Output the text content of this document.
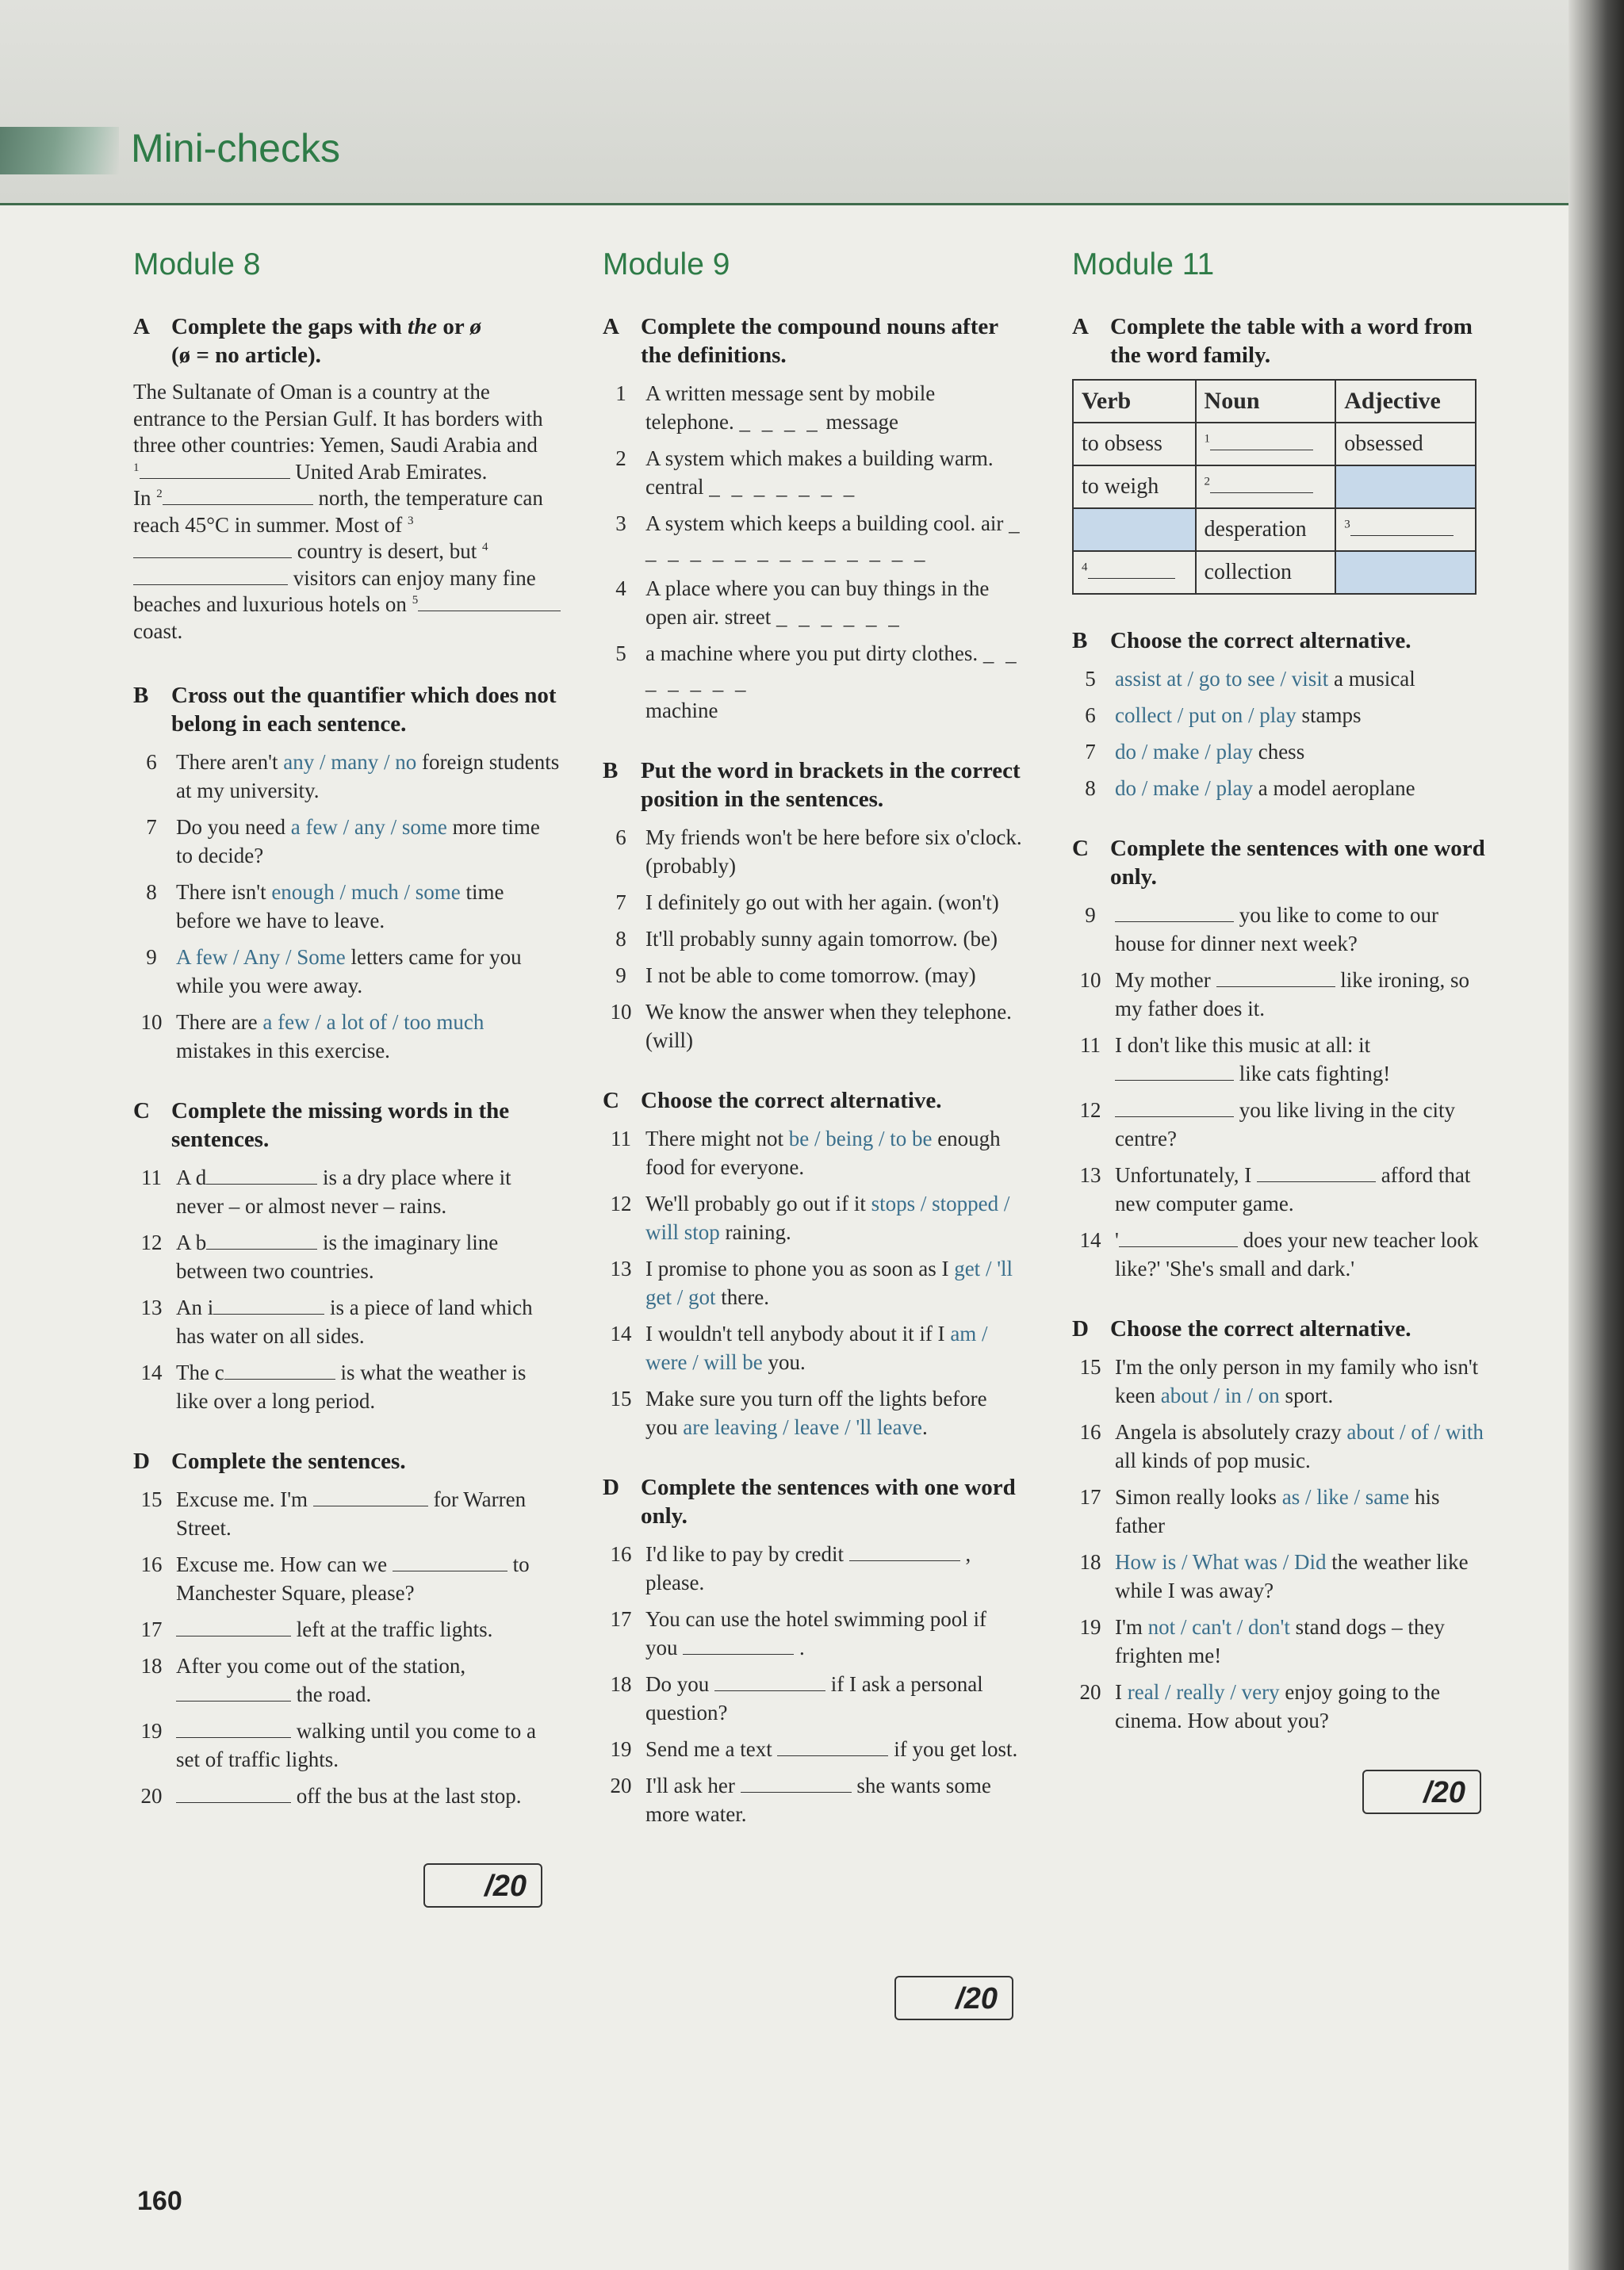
Mini-checks
Module 8
A Complete the gaps with the or ø
(ø = no article).
The Sultanate of Oman is a country at the entrance to the Persian Gulf. It has borders with three other countries: Yemen, Saudi Arabia and
$^1$	United Arab Emirates.
In $^2$	north, the temperature can reach 45°C in summer. Most of $^3$ country is desert, but $^4$ visitors can enjoy many fine beaches and luxurious hotels on $^5$ coast.
B Cross out the quantifier which does not belong in each sentence.
6 There aren't any / many / no foreign students at my university.
7 Do you need a few / any / some more time to decide?
8 There isn't enough / much / some time before we have to leave.
9 A few / Any / Some letters came for you while you were away.
10 There are a few / a lot of / too much mistakes in this exercise.
C Complete the missing words in the sentences.
11 A d	is a dry place where it never – or almost never – rains.
12 A b	is the imaginary line between two countries.
13 An i	is a piece of land which has water on all sides.
14 The c	is what the weather is like over a long period.
D Complete the sentences.
15 Excuse me. I'm	for Warren Street.
16 Excuse me. How can we	to Manchester Square, please?
17	left at the traffic lights.
18 After you come out of the station,  the road.
19	walking until you come to a set of traffic lights.
20	off the bus at the last stop.
/20
Module 9
A Complete the compound nouns after the definitions.
1 A written message sent by mobile telephone. _ _ _ _ message
2 A system which makes a building warm. central _ _ _ _ _ _ _
3 A system which keeps a building cool. air _ _ _ _ _ _ _ _ _ _ _ _ _ _
4 A place where you can buy things in the open air. street _ _ _ _ _ _
5 a machine where you put dirty clothes. _ _ _ _ _ _ _
machine
B Put the word in brackets in the correct position in the sentences.
6 My friends won't be here before six o'clock. (probably)
7 I definitely go out with her again. (won't)
8 It'll probably sunny again tomorrow. (be)
9 I not be able to come tomorrow. (may)
10 We know the answer when they telephone. (will)
C Choose the correct alternative.
11 There might not be / being / to be enough food for everyone.
12 We'll probably go out if it stops / stopped / will stop raining.
13 I promise to phone you as soon as I get / 'll get / got there.
14 I wouldn't tell anybody about it if I am / were / will be you.
15 Make sure you turn off the lights before you are leaving / leave / 'll leave.
D Complete the sentences with one word only.
16 I'd like to pay by credit	, please.
17 You can use the hotel swimming pool if you	.
18 Do you	if I ask a personal question?
19 Send me a text	if you get lost.
20 I'll ask her	she wants some more water.
/20
Module 11
A Complete the table with a word from the word family.
Verb	Noun	Adjective
to obsess	$^1$	obsessed
to weigh	$^2$	
	desperation	$^3$
$^4$	collection	
B Choose the correct alternative.
5 assist at / go to see / visit a musical
6 collect / put on / play stamps
7 do / make / play chess
8 do / make / play a model aeroplane
C Complete the sentences with one word only.
9	you like to come to our house for dinner next week?
10 My mother	like ironing, so my father does it.
11 I don't like this music at all: it  like cats fighting!
12	you like living in the city centre?
13 Unfortunately, I	afford that new computer game.
14 '	does your new teacher look like?' 'She's small and dark.'
D Choose the correct alternative.
15 I'm the only person in my family who isn't keen about / in / on sport.
16 Angela is absolutely crazy about / of / with all kinds of pop music.
17 Simon really looks as / like / same his father
18 How is / What was / Did the weather like while I was away?
19 I'm not / can't / don't stand dogs – they frighten me!
20 I real / really / very enjoy going to the cinema. How about you?
/20
160
